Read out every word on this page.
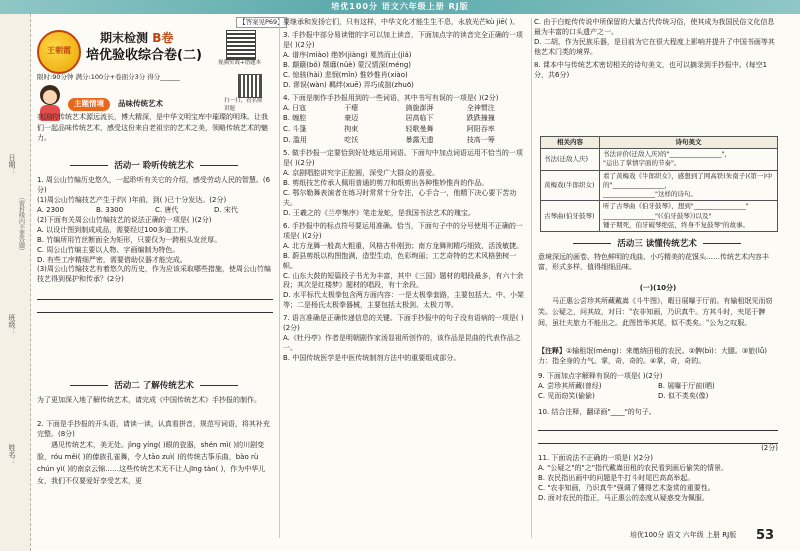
培优100分 语文六年级上册 RJ版
日期：
班级：
姓名：
（密封线内不要答题）
【答案见P69】
王朝霞
期末检测 B卷
培优验收综合卷(二)	视频实战+错题本
扫一扫，看名师讲题
限时:90分钟 满分:100分+卷面分3分 得分______
主题情境	品味传统艺术
我国的传统艺术源远流长，博大精深，是中华文明宝库中璀璨的明珠。让我们一起品味传统艺术，感受这份来自老祖宗的艺术之美，领略传统艺术的魅力。
活动一 聆听传统艺术
1. 周公山竹编历史悠久，一起聆听有关它的介绍，感受劳动人民的智慧。(6分)
(1)周公山竹编技艺产生于约( )年前，到( )已十分发达。(2分)
A. 2300	B. 3300	C. 唐代	D. 宋代
(2)下面有关周公山竹编技艺的说法正确的一项是( )(2分)
A. 以设计图到制成成品，需要经过100多道工序。
B. 竹编所用竹丝断面全为矩形，只要仅为一跨根头发丝厚。
C. 周公山竹编主要以人物、字画编制为特色。
D. 有些工序精细严密，需要借助仪器才能完成。
(3)周公山竹编技艺有着悠久的历史，作为应该采取哪些措施，使周公山竹编技艺得到保护和传承？(2分)
活动二 了解传统艺术
为了更加深入地了解传统艺术，请完成《中国传统艺术》手抄报的制作。
2. 下面是手抄报的开头语，请读一读，认真看拼音，规范写词语，将其补充完整。(8分)
遇见传统艺术，美无处。jìng yíng( )眼的瓷器，shén mì( )的川剧变脸，róu měi( )的傣族孔雀舞，令人tāo zuì( )的传统古筝乐曲，bào rù chún yì( )的南京云锦……这些传统艺术无不让人jīng tàn( )，作为中华儿女，我们不仅要爱好享受艺术，更
要继承和发扬它们，只有这样，中华文化才能生生不息，永放光芒kù jiē( )。
3. 手抄报中部分易读错的字可以加上读音，下面加点字的读音完全正确的一项是( )(2分)
A. 谱序(miào) 绝妙(jiàng) 戛然而止(jiá)
B. 颠簸(bǒ) 颓靡(nüè) 蒙汉情深(méng)
C. 惊骇(hài) 悲悯(mǐn) 惟妙惟肖(xiào)
D. 谬误(wàn) 羁绊(xuē) 弄巧成拙(zhuō)
4. 下面是制作手抄报用到的一些词语，其中书写有误的一项是( )(2分)
A. 日寇	干瘪	旖旎澎湃	全神惯注
B. 缠腔	豪迈	居高临下	跌跌撞撞
C. 斗篷	拘束	轻歌曼舞	阿阳吞率
D. 滥用	吃饫	暴露无遗	技高一筹
5. 做手抄报一定要恰到好处地运用词语。下面句中加点词语运用不恰当的一项是( )(2分)
A. 京剧唱腔讲究字正腔圆，深受广大群众的喜爱。
B. 剪纸技艺传承人佩用普通的剪刀和纸剪出各种惟妙惟肖的作品。
C. 鄂尔勒舞表演者在练习时常常十分专注，心手合一，他精下决心要下苦功夫。
D. 王羲之的《兰亭集序》笔走龙蛇，是我国书法艺术的瑰宝。
6. 手抄报中的标点符号要运用准确。恰当，下面句子中的分号使用不正确的一项是( )(2分)
A. 北方龙舞一般高大粗重，风格古朴刚劲；南方龙舞则精巧细致，活泼敏捷。
B. 蔚县剪纸以构图饱满，造型生动，色彩绚丽；工艺奇特的艺术风格独树一帜。
C. 山东大鼓的短篇段子书尤为丰富，其中《三国》题材的唱段最多，有六十余段；其次是红楼梦》题材的唱段，有十余段。
D. 水平标代太极拳包含两方面内容：一是太极拳套路，主要包括大、中、小架等；二是杨氏太极拳器械，主要包括太极剑、太极刀等。
7. 语言准确是正确传递信息的关键。下面手抄报中的句子没有语病的一项是( )(2分)
A.《牡丹亭》作者是明朝剧作家汤显祖所创作的，该作品是昆曲的代表作品之一。
B. 中国传统医学是中医传统制剂方法中的重要组成部分。
C. 由于白蛇传传说中所保留的大量古代传统习俗，使其成为我国民俗文化信息最为丰富的口头遗产之一。
D. 二胡，作为民族乐器，是目前为它在很大程度上影响并提升了中国书画等其他艺术门类的境界。
8. 课本中与传统艺术密切相关的诗句美文，也可以摘录到手抄报中。(每空1分，共6分)
相关内容	诗句美文
书法(迁敌人庆)	书法评价(迁敌人庆)的"________________"，
"运出了掌情字面的节奏"。

黄梅戏(牛郎织女)	看了黄梅戏《牛郎织女》，感想到了网高铁(朱南子)(第一)中的"________________，
________________"这样的诗句。

古琴曲(伯牙鼓琴)	听了古琴曲《伯牙鼓琴》，想到"________________"
________________"(《伯牙鼓琴》)以及"
锺子期死，伯牙破琴绝弦，终身不复鼓琴"的故事。
活动三 读懂传统艺术
意境深远的画卷、特色鲜明的戏曲、小巧精美的花馍头……传统艺术内容丰富，形式多样，值得细细品味。
(一)(10分)
马正惠公尝珍其所藏戴嵩《斗牛图》，暇日展曝于厅前。有输租氓见而窃笑。公疑之，问其故，对曰："农非知画，乃识真牛。方其斗时，夹尾于髀间，虽壮夫旅力不能出之。此图皆举其尾，似不类矣。"公为之叹服。
【注释】①输租氓(méng)：来缴纳田租的农民。②髀(bì)：大腿。③旅(lǚ)力：指全身的力气。掌，奇，奇的。④掌，奇，奇的。
9. 下面加点字解释有误的一项是( )(2分)
A. 尝珍其所藏(曾经)	B. 展曝于厅前(晒)
C. 见而窃笑(偷偷)	D. 似不类矣(像)
10. 结合注释，翻译画"____"的句子。
(2分)
11. 下面说法不正确的一项是( )(2分)
A. "公疑之"的"之"指代戴嵩田租的农民看到画后偷笑的情景。
B. 农民指出画中的问题是牛打斗时尾巴高高举起。
C. "农非知画，乃识真牛"强调了懂得艺术鉴赏的重要性。
D. 面对农民的指正，马正惠公的态度从疑惑变为佩服。
培优100分 语文 六年级 上册 RJ版 53
